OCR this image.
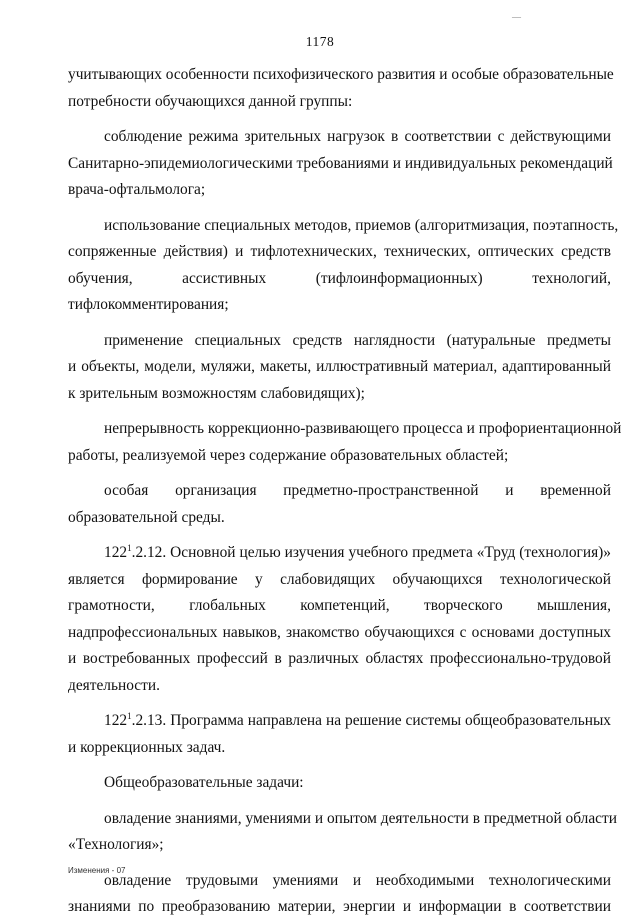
—
1178
учитывающих особенности психофизического развития и особые образовательные
потребности обучающихся данной группы:
соблюдение режима зрительных нагрузок в соответствии с действующими
Санитарно-эпидемиологическими требованиями и индивидуальных рекомендаций
врача-офтальмолога;
использование специальных методов, приемов (алгоритмизация, поэтапность,
сопряженные действия) и тифлотехнических, технических, оптических средств
обучения, ассистивных (тифлоинформационных) технологий,
тифлокомментирования;
применение специальных средств наглядности (натуральные предметы
и объекты, модели, муляжи, макеты, иллюстративный материал, адаптированный
к зрительным возможностям слабовидящих);
непрерывность коррекционно-развивающего процесса и профориентационной
работы, реализуемой через содержание образовательных областей;
особая организация предметно-пространственной и временной
образовательной среды.
$122^1.2.12$. Основной целью изучения учебного предмета «Труд (технология)»
является формирование у слабовидящих обучающихся технологической
грамотности, глобальных компетенций, творческого мышления,
надпрофессиональных навыков, знакомство обучающихся с основами доступных
и востребованных профессий в различных областях профессионально-трудовой
деятельности.
$122^1.2.13$. Программа направлена на решение системы общеобразовательных
и коррекционных задач.
Общеобразовательные задачи:
овладение знаниями, умениями и опытом деятельности в предметной области
«Технология»;
овладение трудовыми умениями и необходимыми технологическими
знаниями по преобразованию материи, энергии и информации в соответствии
Изменения - 07
